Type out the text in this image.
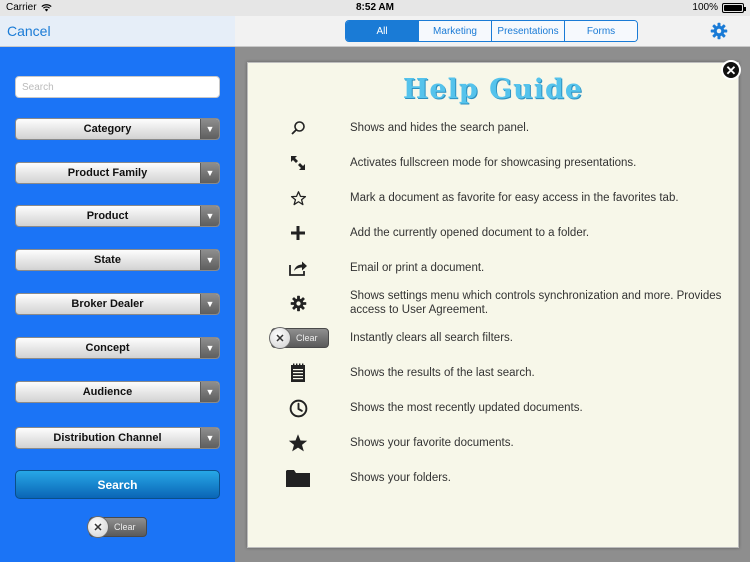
Carrier	8:52 AM	100%
Cancel	All	Marketing	Presentations	Forms
Search
Category	▼
Product Family	▼
Product	▼
State	▼
Broker Dealer	▼
Concept	▼
Audience	▼
Distribution Channel	▼
Search
✕	Clear
✕
Help Guide
Shows and hides the search panel.
Activates fullscreen mode for showcasing presentations.
Mark a document as favorite for easy access in the favorites tab.
Add the currently opened document to a folder.
Email or print a document.
Shows settings menu which controls synchronization and more. Provides access to User Agreement.
✕	Clear	Instantly clears all search filters.
Shows the results of the last search.
Shows the most recently updated documents.
Shows your favorite documents.
Shows your folders.
